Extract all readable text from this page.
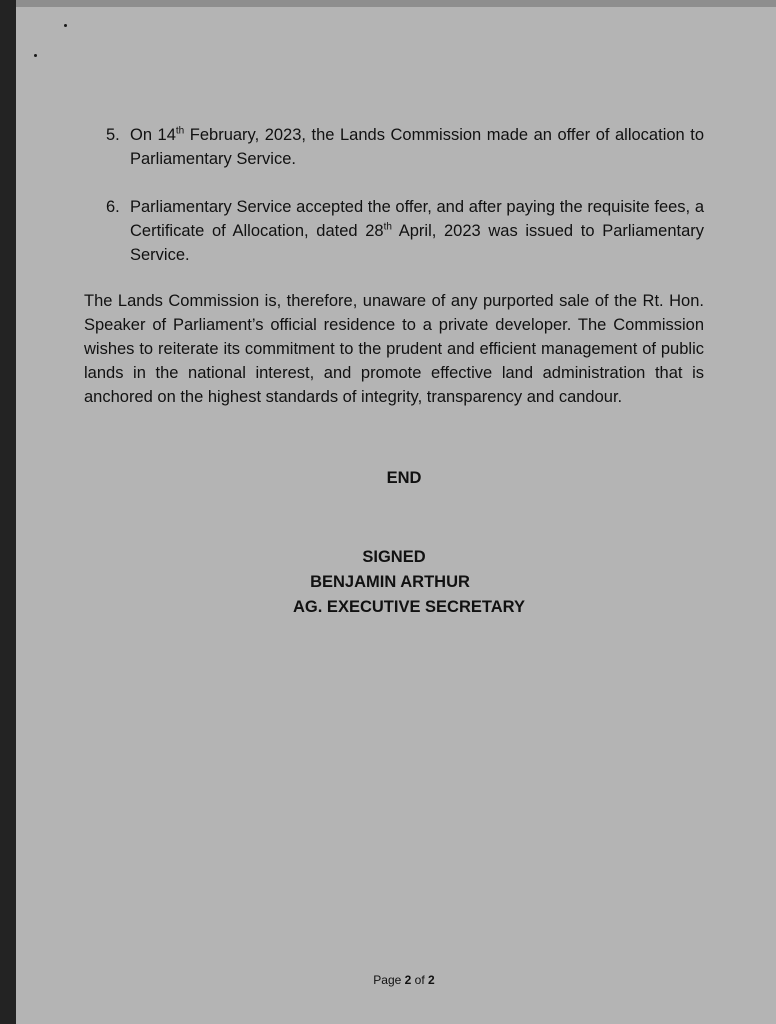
5. On 14th February, 2023, the Lands Commission made an offer of allocation to Parliamentary Service.
6. Parliamentary Service accepted the offer, and after paying the requisite fees, a Certificate of Allocation, dated 28th April, 2023 was issued to Parliamentary Service.
The Lands Commission is, therefore, unaware of any purported sale of the Rt. Hon. Speaker of Parliament’s official residence to a private developer. The Commission wishes to reiterate its commitment to the prudent and efficient management of public lands in the national interest, and promote effective land administration that is anchored on the highest standards of integrity, transparency and candour.
END
SIGNED
BENJAMIN ARTHUR
AG. EXECUTIVE SECRETARY
Page 2 of 2
